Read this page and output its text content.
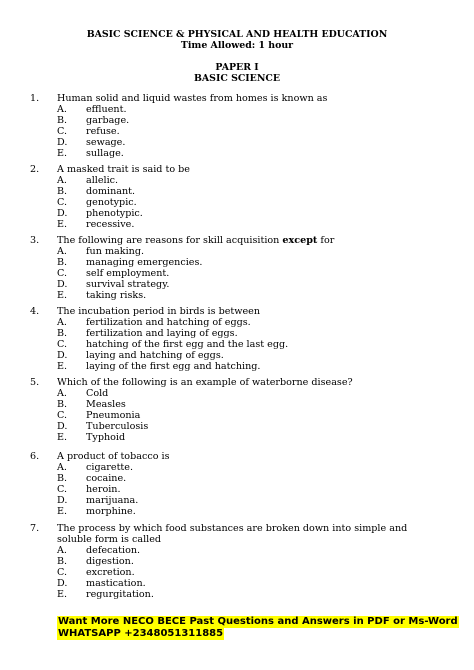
BASIC SCIENCE & PHYSICAL AND HEALTH EDUCATION
Time Allowed: 1 hour
PAPER I
BASIC SCIENCE
1. Human solid and liquid wastes from homes is known as
A. effluent.
B. garbage.
C. refuse.
D. sewage.
E. sullage.
2. A masked trait is said to be
A. allelic.
B. dominant.
C. genotypic.
D. phenotypic.
E. recessive.
3. The following are reasons for skill acquisition except for
A. fun making.
B. managing emergencies.
C. self employment.
D. survival strategy.
E. taking risks.
4. The incubation period in birds is between
A. fertilization and hatching of eggs.
B. fertilization and laying of eggs.
C. hatching of the first egg and the last egg.
D. laying and hatching of eggs.
E. laying of the first egg and hatching.
5. Which of the following is an example of waterborne disease?
A. Cold
B. Measles
C. Pneumonia
D. Tuberculosis
E. Typhoid
6. A product of tobacco is
A. cigarette.
B. cocaine.
C. heroin.
D. marijuana.
E. morphine.
7. The process by which food substances are broken down into simple and soluble form is called
A. defecation.
B. digestion.
C. excretion.
D. mastication.
E. regurgitation.
Want More NECO BECE Past Questions and Answers in PDF or Ms-Word
WHATSAPP +2348051311885
